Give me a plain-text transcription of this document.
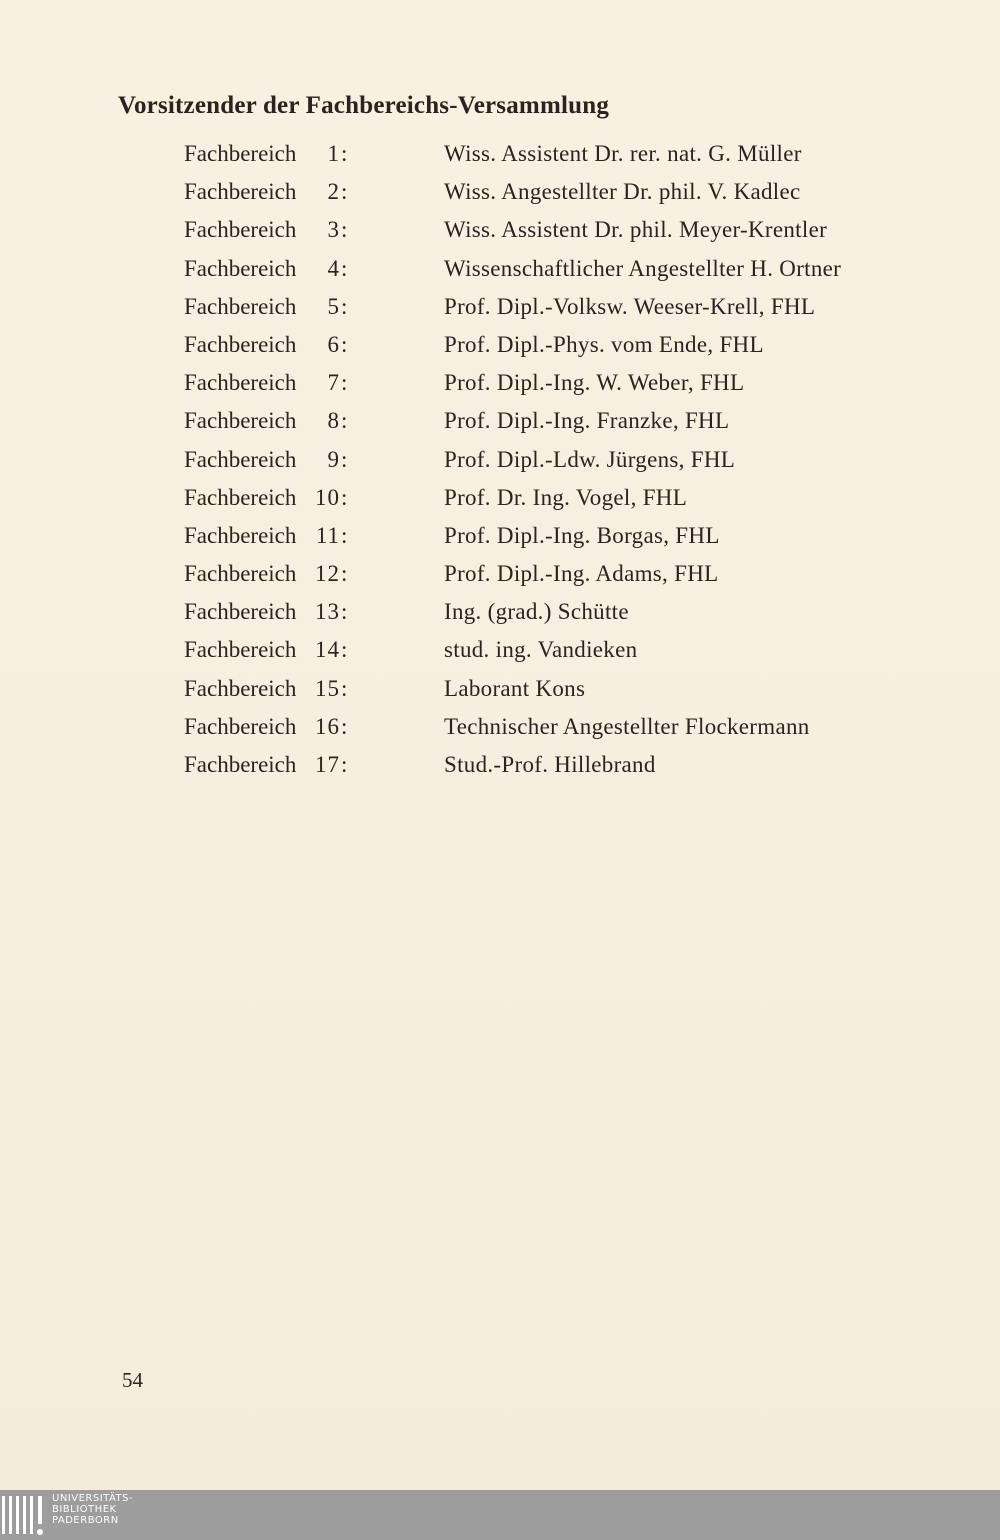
Vorsitzender der Fachbereichs-Versammlung
Fachbereich	1 :	Wiss. Assistent Dr. rer. nat. G. Müller
Fachbereich	2 :	Wiss. Angestellter Dr. phil. V. Kadlec
Fachbereich	3 :	Wiss. Assistent Dr. phil. Meyer-Krentler
Fachbereich	4 :	Wissenschaftlicher Angestellter H. Ortner
Fachbereich	5 :	Prof. Dipl.-Volksw. Weeser-Krell, FHL
Fachbereich	6 :	Prof. Dipl.-Phys. vom Ende, FHL
Fachbereich	7 :	Prof. Dipl.-Ing. W. Weber, FHL
Fachbereich	8 :	Prof. Dipl.-Ing. Franzke, FHL
Fachbereich	9 :	Prof. Dipl.-Ldw. Jürgens, FHL
Fachbereich 10 :	Prof. Dr. Ing. Vogel, FHL
Fachbereich 11 :	Prof. Dipl.-Ing. Borgas, FHL
Fachbereich 12 :	Prof. Dipl.-Ing. Adams, FHL
Fachbereich 13 :	Ing. (grad.) Schütte
Fachbereich 14 :	stud. ing. Vandieken
Fachbereich 15 :	Laborant Kons
Fachbereich 16 :	Technischer Angestellter Flockermann
Fachbereich 17 :	Stud.-Prof. Hillebrand
54
UNIVERSITÄTS-
BIBLIOTHEK
PADERBORN
